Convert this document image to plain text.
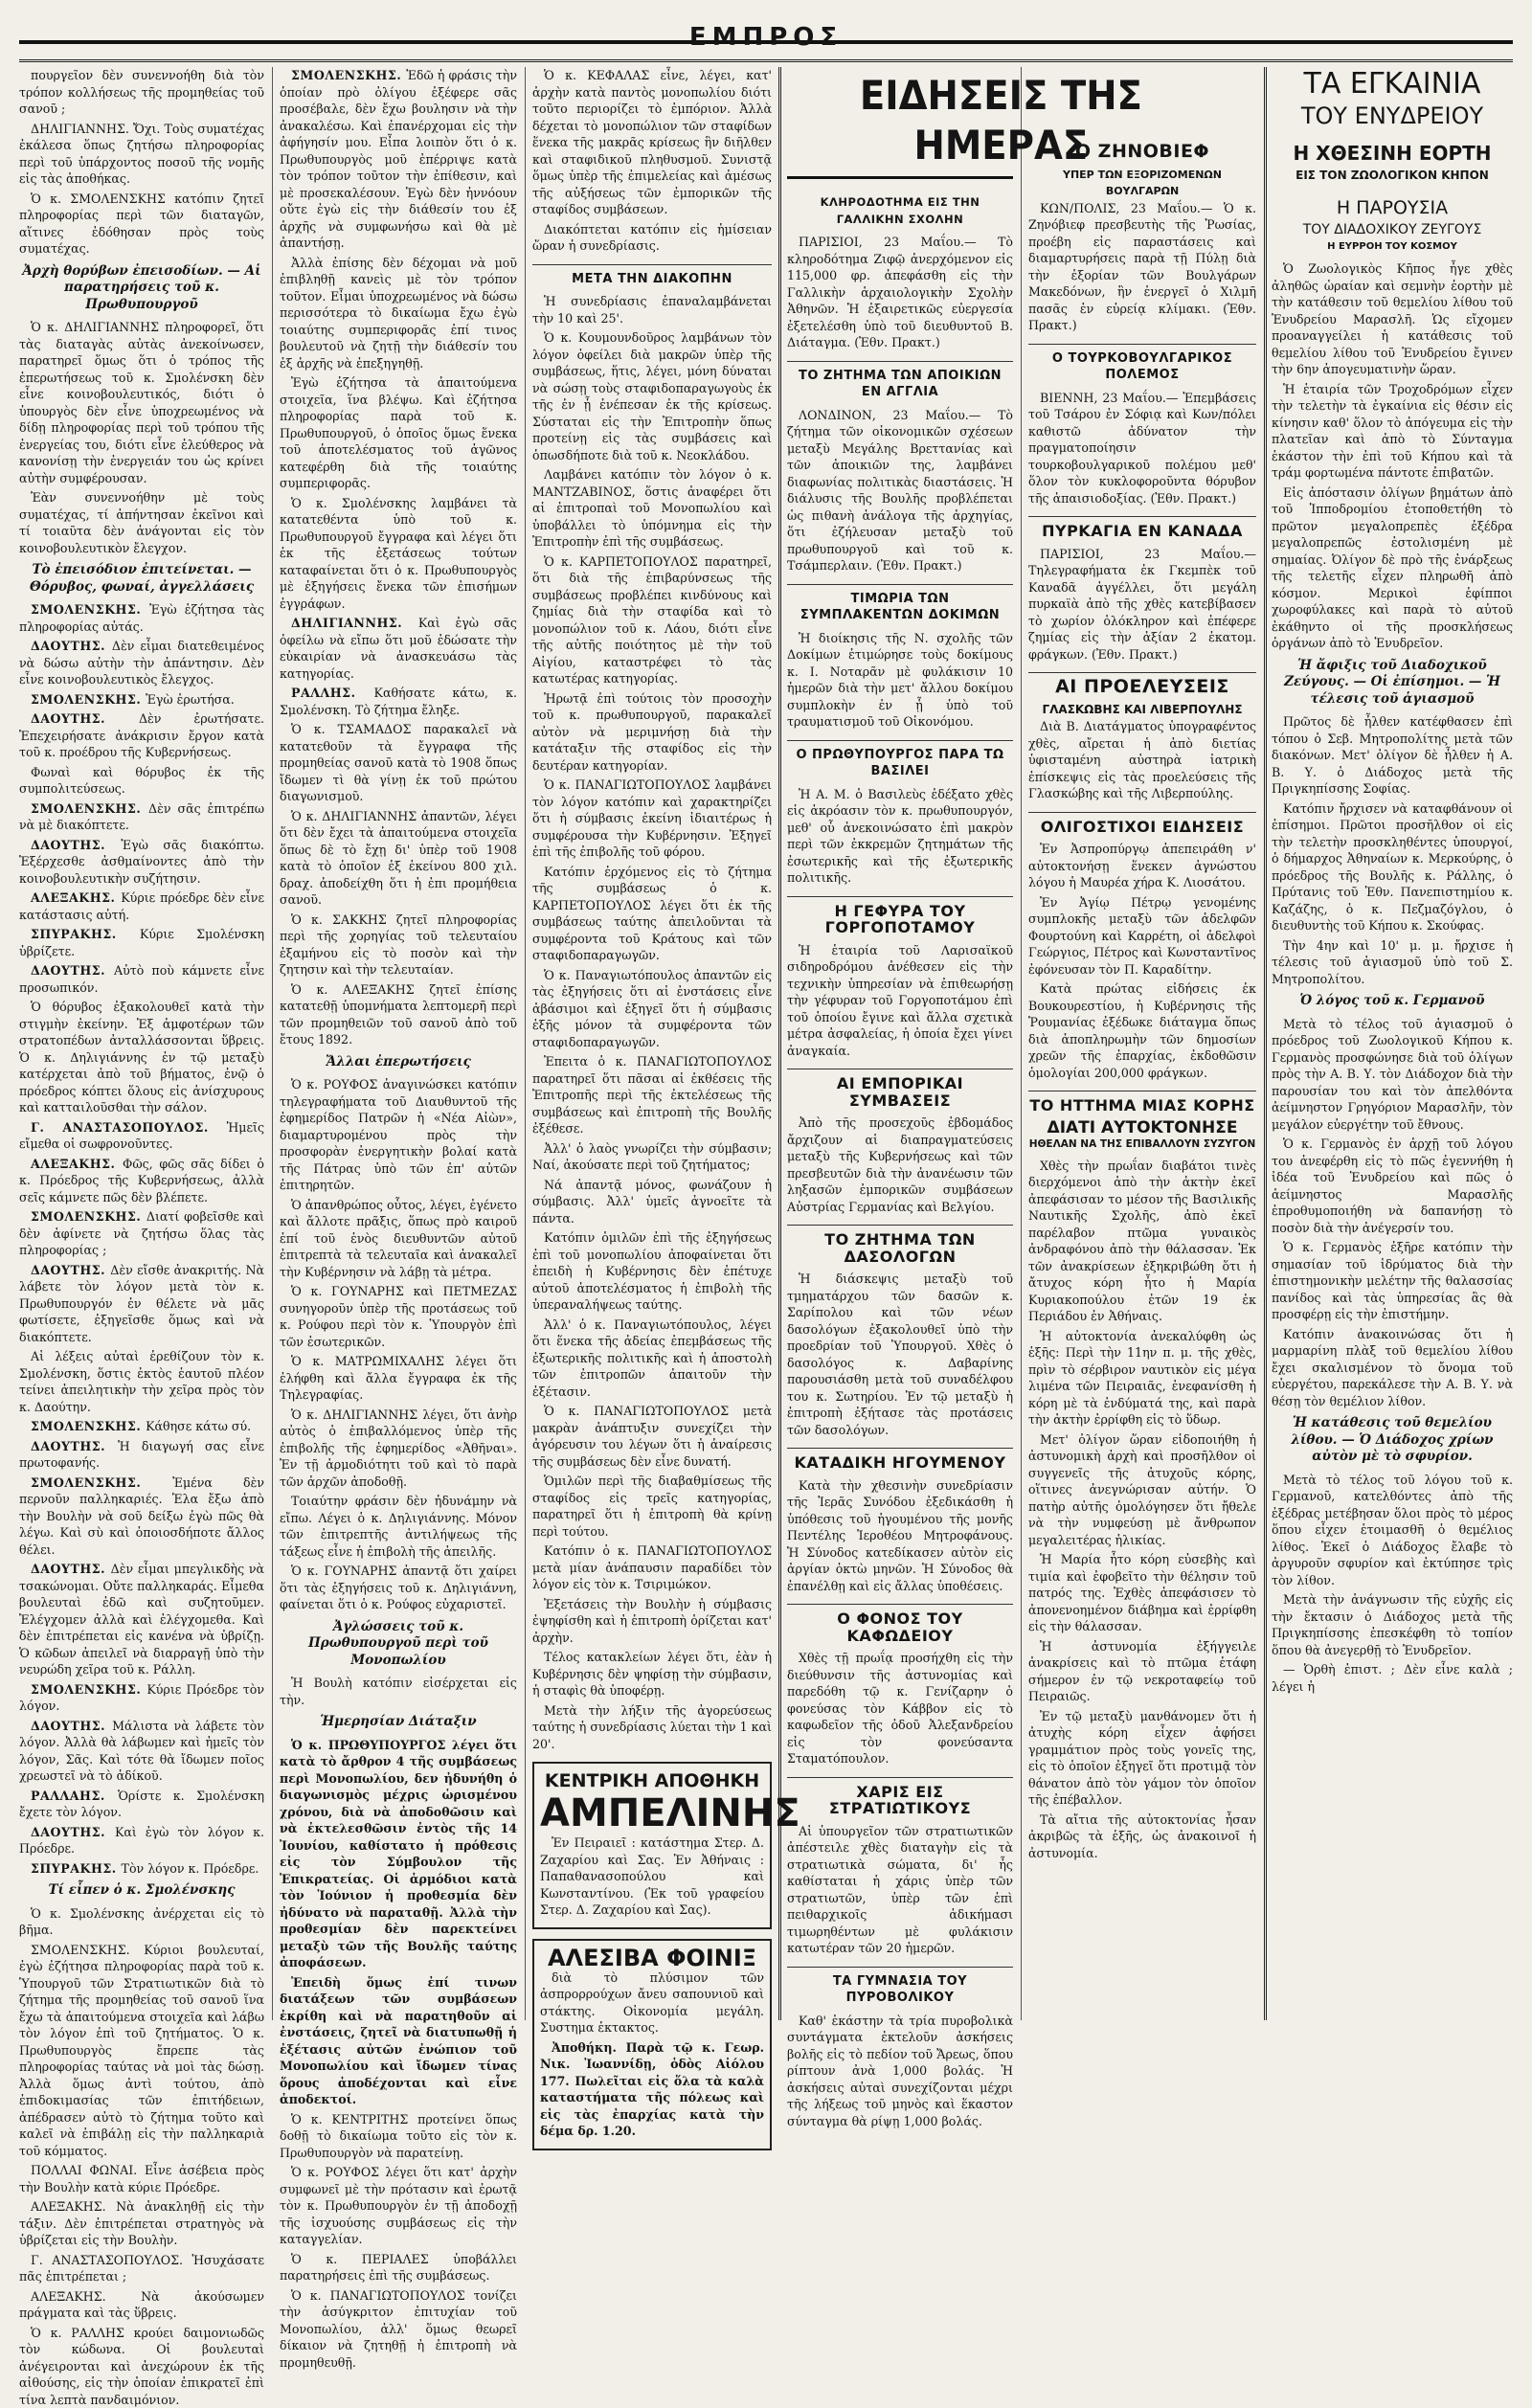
ΕΜΠΡΟΣ

πουργεῖον δὲν συνεννοήθη διὰ τὸν τρόπον κολλήσεως τῆς προμηθείας τοῦ σανοῦ ;

ΔΗΛΙΓΙΑΝΝΗΣ. Ὄχι. Τοὺς συματέχας ἐκάλεσα ὅπως ζητήσω πληροφορίας περὶ τοῦ ὑπάρχοντος ποσοῦ τῆς νομῆς εἰς τὰς ἀποθήκας.

Ὁ κ. ΣΜΟΛΕΝΣΚΗΣ κατόπιν ζητεῖ πληροφορίας περὶ τῶν διαταγῶν, αἵτινες ἐδόθησαν πρὸς τοὺς συματέχας.

Ἀρχὴ θορύβων ἐπεισοδίων. — Αἱ παρατηρήσεις τοῦ κ. Πρωθυπουργοῦ

Ὁ κ. ΔΗΛΙΓΙΑΝΝΗΣ πληροφορεῖ, ὅτι τὰς διαταγὰς αὐτὰς ἀνεκοίνωσεν, παρατηρεῖ ὅμως ὅτι ὁ τρόπος τῆς ἐπερωτήσεως τοῦ κ. Σμολένσκη δὲν εἶνε κοινοβουλευτικός, διότι ὁ ὑπουργὸς δὲν εἶνε ὑποχρεωμένος νὰ δίδῃ πληροφορίας περὶ τοῦ τρόπου τῆς ἐνεργείας του, διότι εἶνε ἐλεύθερος νὰ κανονίσῃ τὴν ἐνεργειάν του ὡς κρίνει αὐτὴν συμφέρουσαν.

Ἐὰν συνεννοήθην μὲ τοὺς συματέχας, τί ἀπήντησαν ἐκεῖνοι καὶ τί τοιαῦτα δὲν ἀνάγονται εἰς τὸν κοινοβουλευτικὸν ἔλεγχον.

Τὸ ἐπεισόδιον ἐπιτείνεται. — Θόρυβος, φωναί, ἀγγελλάσεις

ΣΜΟΛΕΝΣΚΗΣ. Ἐγὼ ἐζήτησα τὰς πληροφορίας αὐτάς.

ΔΑΟΥΤΗΣ. Δὲν εἶμαι διατεθειμένος νὰ δώσω αὐτὴν τὴν ἀπάντησιν. Δὲν εἶνε κοινοβουλευτικὸς ἔλεγχος.

ΣΜΟΛΕΝΣΚΗΣ. Ἐγὼ ἐρωτήσα.

ΔΑΟΥΤΗΣ. Δὲν ἐρωτήσατε. Ἐπεχειρήσατε ἀνάκρισιν ἔργον κατὰ τοῦ κ. προέδρου τῆς Κυβερνήσεως.

Φωναὶ καὶ θόρυβος ἐκ τῆς συμπολιτεύσεως.

ΣΜΟΛΕΝΣΚΗΣ. Δὲν σᾶς ἐπιτρέπω νὰ μὲ διακόπτετε.

ΔΑΟΥΤΗΣ. Ἐγὼ σᾶς διακόπτω. Ἐξέρχεσθε ἀσθμαίνοντες ἀπὸ τὴν κοινοβουλευτικὴν συζήτησιν.

ΑΛΕΞΑΚΗΣ. Κύριε πρόεδρε δὲν εἶνε κατάστασις αὐτή.

ΣΠΥΡΑΚΗΣ. Κύριε Σμολένσκη ὑβρίζετε.

ΔΑΟΥΤΗΣ. Αὐτὸ ποὺ κάμνετε εἶνε προσωπικόν.

Ὁ θόρυβος ἐξακολουθεῖ κατὰ τὴν στιγμὴν ἐκείνην. Ἐξ ἀμφοτέρων τῶν στρατοπέδων ἀνταλλάσσονται ὕβρεις. Ὁ κ. Δηλιγιάννης ἐν τῷ μεταξὺ κατέρχεται ἀπὸ τοῦ βήματος, ἐνῷ ὁ πρόεδρος κόπτει ὅλους εἰς ἀνίσχυρους καὶ κατταιλοῦσθαι τὴν σάλον.

Γ. ΑΝΑΣΤΑΣΟΠΟΥΛΟΣ. Ἡμεῖς εἴμεθα οἱ σωφρονοῦντες.

ΑΛΕΞΑΚΗΣ. Φῶς, φῶς σᾶς δίδει ὁ κ. Πρόεδρος τῆς Κυβερνήσεως, ἀλλὰ σεῖς κάμνετε πῶς δὲν βλέπετε.

ΣΜΟΛΕΝΣΚΗΣ. Διατί φοβεῖσθε καὶ δὲν ἀφίνετε νὰ ζητήσω ὅλας τὰς πληροφορίας ;

ΔΑΟΥΤΗΣ. Δὲν εἴσθε ἀνακριτής. Νὰ λάβετε τὸν λόγον μετὰ τὸν κ. Πρωθυπουργόν ἐν θέλετε νὰ μᾶς φωτίσετε, ἐξηγεῖσθε ὅμως καὶ νὰ διακόπτετε.

Αἱ λέξεις αὐταὶ ἐρεθίζουν τὸν κ. Σμολένσκη, ὅστις ἐκτὸς ἑαυτοῦ πλέον τείνει ἀπειλητικὴν τὴν χεῖρα πρὸς τὸν κ. Δαούτην.

ΣΜΟΛΕΝΣΚΗΣ. Κάθησε κάτω σύ.

ΔΑΟΥΤΗΣ. Ἡ διαγωγή σας εἶνε πρωτοφανής.

ΣΜΟΛΕΝΣΚΗΣ. Ἐμένα δὲν περνοῦν παλληκαριές. Ἐλα ἔξω ἀπὸ τὴν Βουλὴν νὰ σοῦ δείξω ἐγὼ πῶς θὰ λέγω. Καὶ σὺ καὶ ὁποιοσδήποτε ἄλλος θέλει.

ΔΑΟΥΤΗΣ. Δὲν εἶμαι μπεγλικδὴς νὰ τσακώνομαι. Οὔτε παλληκαράς. Εἶμεθα βουλευταὶ ἐδῶ καὶ συζητοῦμεν. Ἐλέγχομεν ἀλλὰ καὶ ἐλέγχομεθα. Καὶ δὲν ἐπιτρέπεται εἰς κανένα νὰ ὑβρίζῃ. Ὁ κῶδων ἀπειλεῖ νὰ διαρραγῇ ὑπὸ τὴν νευρώδη χεῖρα τοῦ κ. Ράλλη.

ΣΜΟΛΕΝΣΚΗΣ. Κύριε Πρόεδρε τὸν λόγον.

ΔΑΟΥΤΗΣ. Μάλιστα νὰ λάβετε τὸν λόγον. Ἀλλὰ θὰ λάβωμεν καὶ ἡμεῖς τὸν λόγον, Σᾶς. Καὶ τότε θὰ ἴδωμεν ποῖος χρεωστεῖ νὰ τὸ ἀδίκοῦ.

ΡΑΛΛΑΗΣ. Ὁρίστε κ. Σμολένσκη ἔχετε τὸν λόγον.

ΔΑΟΥΤΗΣ. Καὶ ἐγὼ τὸν λόγον κ. Πρόεδρε.

ΣΠΥΡΑΚΗΣ. Τὸν λόγον κ. Πρόεδρε.

Τί εἶπεν ὁ κ. Σμολένσκης

Ὁ κ. Σμολένσκης ἀνέρχεται εἰς τὸ βῆμα.

ΣΜΟΛΕΝΣΚΗΣ. Κύριοι βουλευταί, ἐγὼ ἐζήτησα πληροφορίας παρὰ τοῦ κ. Ὑπουργοῦ τῶν Στρατιωτικῶν διὰ τὸ ζήτημα τῆς προμηθείας τοῦ σανοῦ ἵνα ἔχω τὰ ἀπαιτούμενα στοιχεῖα καὶ λάβω τὸν λόγον ἐπὶ τοῦ ζητήματος. Ὁ κ. Πρωθυπουργὸς ἔπρεπε τὰς πληροφορίας ταύτας νὰ μοὶ τὰς δώσῃ. Ἀλλὰ ὅμως ἀντὶ τούτου, ἀπὸ ἐπιδοκιμασίας τῶν ἐπιτήδειων, ἀπέδρασεν αὐτὸ τὸ ζήτημα τοῦτο καὶ καλεῖ νὰ ἐπιβάλῃ εἰς τὴν παλληκαριὰ τοῦ κόμματος.

ΠΟΛΛΑΙ ΦΩΝΑΙ. Εἶνε ἀσέβεια πρὸς τὴν Βουλὴν κατὰ κύριε Πρόεδρε.

ΑΛΕΞΑΚΗΣ. Νὰ ἀνακληθῇ εἰς τὴν τάξιν. Δὲν ἐπιτρέπεται στρατηγὸς νὰ ὑβρίζεται εἰς τὴν Βουλὴν.

Γ. ΑΝΑΣΤΑΣΟΠΟΥΛΟΣ. Ἡσυχάσατε πᾶς ἐπιτρέπεται ;

ΑΛΕΞΑΚΗΣ. Νὰ ἀκούσωμεν πράγματα καὶ τὰς ὕβρεις.

Ὁ κ. ΡΑΛΛΗΣ κρούει δαιμονιωδῶς τὸν κώδωνα. Οἱ βουλευταὶ ἀνέγειρονται καὶ ἀνεχώρουν ἐκ τῆς αἰθούσης, εἰς τὴν ὁποίαν ἐπικρατεῖ ἐπὶ τίνα λεπτὰ πανδαιμόνιον.

ΣΜΟΛΕΝΣΚΗΣ. Ἐδῶ ἡ φράσις τὴν ὁποίαν πρὸ ὀλίγου ἐξέφερε σᾶς προσέβαλε, δὲν ἔχω βουλησιν νὰ τὴν ἀνακαλέσω. Καὶ ἐπανέρχομαι εἰς τὴν ἀφήγησίν μου. Εἶπα λοιπὸν ὅτι ὁ κ. Πρωθυπουργὸς μοῦ ἐπέρριψε κατὰ τὸν τρόπον τοῦτον τὴν ἐπίθεσιν, καὶ μὲ προσεκαλέσουν. Ἐγὼ δὲν ἠννόουν οὔτε ἐγὼ εἰς τὴν διάθεσίν του ἐξ ἀρχῆς νὰ συμφωνήσω καὶ θὰ μὲ ἀπαντήσῃ.

Ἀλλὰ ἐπίσης δὲν δέχομαι νὰ μοῦ ἐπιβληθῇ κανεὶς μὲ τὸν τρόπον τοῦτον. Εἶμαι ὑποχρεωμένος νὰ δώσω περισσότερα τὸ δικαίωμα ἔχω ἐγὼ τοιαύτης συμπεριφορᾶς ἐπί τινος βουλευτοῦ νὰ ζητῇ τὴν διάθεσίν του ἐξ ἀρχῆς νὰ ἐπεξηγηθῇ.

Ἐγὼ ἐζήτησα τὰ ἀπαιτούμενα στοιχεῖα, ἵνα βλέψω. Καὶ ἐζήτησα πληροφορίας παρὰ τοῦ κ. Πρωθυπουργοῦ, ὁ ὁποῖος ὅμως ἕνεκα τοῦ ἀποτελέσματος τοῦ ἀγῶνος κατεφέρθη διὰ τῆς τοιαύτης συμπεριφορᾶς.

Ὁ κ. Σμολένσκης λαμβάνει τὰ κατατεθέντα ὑπὸ τοῦ κ. Πρωθυπουργοῦ ἔγγραφα καὶ λέγει ὅτι ἐκ τῆς ἐξετάσεως τούτων καταφαίνεται ὅτι ὁ κ. Πρωθυπουργὸς μὲ ἐξηγήσεις ἔνεκα τῶν ἐπισήμων ἐγγράφων.

ΔΗΛΙΓΙΑΝΝΗΣ. Καὶ ἐγὼ σᾶς ὀφείλω νὰ εἴπω ὅτι μοῦ ἐδώσατε τὴν εὐκαιρίαν νὰ ἀνασκευάσω τὰς κατηγορίας.

ΡΑΛΛΗΣ. Καθήσατε κάτω, κ. Σμολένσκη. Τὸ ζήτημα ἔληξε.

Ὁ κ. ΤΣΑΜΑΔΟΣ παρακαλεῖ νὰ κατατεθοῦν τὰ ἔγγραφα τῆς προμηθείας σανοῦ κατὰ τὸ 1908 ὅπως ἴδωμεν τὶ θὰ γίνῃ ἐκ τοῦ πρώτου διαγωνισμοῦ.

Ὁ κ. ΔΗΛΙΓΙΑΝΝΗΣ ἀπαντῶν, λέγει ὅτι δὲν ἔχει τὰ ἀπαιτούμενα στοιχεῖα ὅπως δὲ τὸ ἔχῃ δι' ὑπὲρ τοῦ 1908 κατὰ τὸ ὁποῖον ἐξ ἐκείνου 800 χιλ. δραχ. ἀποδείχθη ὅτι ἡ ἐπι προμήθεια σανοῦ.

Ὁ κ. ΣΑΚΚΗΣ ζητεῖ πληροφορίας περὶ τῆς χορηγίας τοῦ τελευταίου ἐξαμήνου εἰς τὸ ποσὸν καὶ τὴν ζητησιν καὶ τὴν τελευταίαν.

Ὁ κ. ΑΛΕΞΑΚΗΣ ζητεῖ ἐπίσης κατατεθῇ ὑπομνήματα λεπτομερῆ περὶ τῶν προμηθειῶν τοῦ σανοῦ ἀπὸ τοῦ ἔτους 1892.

Ἄλλαι ἐπερωτήσεις

Ὁ κ. ΡΟΥΦΟΣ ἀναγινώσκει κατόπιν τηλεγραφήματα τοῦ Διαυθυντοῦ τῆς ἐφημερίδος Πατρῶν ἡ «Νέα Αἰὼν», διαμαρτυρομένου πρὸς τὴν προσφορὰν ἐνεργητικὴν βολαί κατὰ τῆς Πάτρας ὑπὸ τῶν ἐπ' αὐτῶν ἐπιτηρητῶν.

Ὁ ἀπανθρώπος οὗτος, λέγει, ἐγένετο καὶ ἄλλοτε πρᾶξις, ὅπως πρὸ καιροῦ ἐπί τοῦ ἑνὸς διευθυντῶν αὐτοῦ ἐπιτρεπτὰ τὰ τελευταῖα καὶ ἀνακαλεῖ τὴν Κυβέρνησιν νὰ λάβῃ τὰ μέτρα.

Ὁ κ. ΓΟΥΝΑΡΗΣ καὶ ΠΕΤΜΕΖΑΣ συνηγοροῦν ὑπὲρ τῆς προτάσεως τοῦ κ. Ρούφου περὶ τὸν κ. Ὑπουργὸν ἐπὶ τῶν ἐσωτερικῶν.

Ὁ κ. ΜΑΤΡΩΜΙΧΑΛΗΣ λέγει ὅτι ἐλήφθη καὶ ἄλλα ἔγγραφα ἐκ τῆς Τηλεγραφίας.

Ὁ κ. ΔΗΛΙΓΙΑΝΝΗΣ λέγει, ὅτι ἀνὴρ αὐτὸς ὁ ἐπιβαλλόμενος ὑπὲρ τῆς ἐπιβολῆς τῆς ἐφημερίδος «Ἀθῆναι». Ἐν τῇ ἀρμοδιότητι τοῦ καὶ τὸ παρὰ τῶν ἀρχῶν ἀποδοθῇ.

Τοιαύτην φράσιν δὲν ἠδυνάμην νὰ εἴπω. Λέγει ὁ κ. Δηλιγιάννης. Μόνον τῶν ἐπιτρεπτῆς ἀντιλήψεως τῆς τάξεως εἶνε ἡ ἐπιβολὴ τῆς ἀπειλῆς.

Ὁ κ. ΓΟΥΝΑΡΗΣ ἀπαντᾷ ὅτι χαίρει ὅτι τὰς ἐξηγήσεις τοῦ κ. Δηλιγιάννη, φαίνεται ὅτι ὁ κ. Ρούφος εὐχαριστεῖ.

Ἀγλώσσεις τοῦ κ. Πρωθυπουργοῦ περὶ τοῦ Μονοπωλίου

Ἡ Βουλὴ κατόπιν εἰσέρχεται εἰς τὴν.

Ἡμερησίαν Διάταξιν

Ὁ κ. ΠΡΩΘΥΠΟΥΡΓΟΣ λέγει ὅτι κατὰ τὸ ἄρθρον 4 τῆς συμβάσεως περὶ Μονοπωλίου, δεν ἠδυνήθη ὁ διαγωνισμὸς μέχρις ὡρισμένου χρόνου, διὰ νὰ ἀποδοθῶσιν καὶ νὰ ἐκτελεσθῶσιν ἐντὸς τῆς 14 Ἰουνίου, καθίστατο ἡ πρόθεσις εἰς τὸν Σύμβουλον τῆς Ἐπικρατείας. Οἱ ἁρμόδιοι κατὰ τὸν Ἰούνιον ἡ προθεσμία δὲν ἠδύνατο νὰ παραταθῇ. Ἀλλὰ τὴν προθεσμίαν δὲν παρεκτείνει μεταξὺ τῶν τῆς Βουλῆς ταύτης ἀποφάσεων.

Ἐπειδὴ ὅμως ἐπί τινων διατάξεων τῶν συμβάσεων ἐκρίθη καὶ νὰ παρατηθοῦν αἱ ἐνστάσεις, ζητεῖ νὰ διατυπωθῇ ἡ ἐξέτασις αὐτῶν ἐνώπιον τοῦ Μονοπωλίου καὶ ἴδωμεν τίνας ὅρους ἀποδέχονται καὶ εἶνε ἀποδεκτοί.

Ὁ κ. ΚΕΝΤΡΙΤΗΣ προτείνει ὅπως δοθῇ τὸ δικαίωμα τοῦτο εἰς τὸν κ. Πρωθυπουργὸν νὰ παρατείνῃ.

Ὁ κ. ΡΟΥΦΟΣ λέγει ὅτι κατ' ἀρχὴν συμφωνεῖ μὲ τὴν πρότασιν καὶ ἐρωτᾷ τὸν κ. Πρωθυπουργὸν ἐν τῇ ἀποδοχῇ τῆς ἰσχυούσης συμβάσεως εἰς τὴν καταγγελίαν.

Ὁ κ. ΠΕΡΙΑΛΕΣ ὑποβάλλει παρατηρήσεις ἐπὶ τῆς συμβάσεως.

Ὁ κ. ΠΑΝΑΓΙΩΤΟΠΟΥΛΟΣ τονίζει τὴν ἀσύγκριτον ἐπιτυχίαν τοῦ Μονοπωλίου, ἀλλ' ὅμως θεωρεῖ δίκαιον νὰ ζητηθῇ ἡ ἐπιτροπὴ νὰ προμηθευθῇ.

Ὁ κ. ΚΕΦΑΛΑΣ εἶνε, λέγει, κατ' ἀρχὴν κατὰ παντὸς μονοπωλίου διότι τοῦτο περιορίζει τὸ ἐμπόριον. Ἀλλὰ δέχεται τὸ μονοπώλιον τῶν σταφίδων ἕνεκα τῆς μακρᾶς κρίσεως ἣν διῆλθεν καὶ σταφιδικοῦ πληθυσμοῦ. Συνιστᾷ ὅμως ὑπὲρ τῆς ἐπιμελείας καὶ ἀμέσως τῆς αὐξήσεως τῶν ἐμπορικῶν τῆς σταφίδος συμβάσεων.

Διακόπτεται κατόπιν εἰς ἡμίσειαν ὥραν ἡ συνεδρίασις.

ΜΕΤΑ ΤΗΝ ΔΙΑΚΟΠΗΝ

Ἡ συνεδρίασις ἐπαναλαμβάνεται τὴν 10 καὶ 25'.

Ὁ κ. Κουμουνδοῦρος λαμβάνων τὸν λόγον ὀφείλει διὰ μακρῶν ὑπὲρ τῆς συμβάσεως, ἥτις, λέγει, μόνη δύναται νὰ σώσῃ τοὺς σταφιδοπαραγωγοὺς ἐκ τῆς ἐν ᾗ ἐνέπεσαν ἐκ τῆς κρίσεως. Σύσταται εἰς τὴν Ἐπιτροπὴν ὅπως προτείνῃ εἰς τὰς συμβάσεις καὶ ὁπωσδήποτε διὰ τοῦ κ. Νεοκλάδου.

Λαμβάνει κατόπιν τὸν λόγον ὁ κ. ΜΑΝΤΖΑΒΙΝΟΣ, ὅστις ἀναφέρει ὅτι αἱ ἐπιτροπαὶ τοῦ Μονοπωλίου καὶ ὑποβάλλει τὸ ὑπόμνημα εἰς τὴν Ἐπιτροπὴν ἐπὶ τῆς συμβάσεως.

Ὁ κ. ΚΑΡΠΕΤΟΠΟΥΛΟΣ παρατηρεῖ, ὅτι διὰ τῆς ἐπιβαρύνσεως τῆς συμβάσεως προβλέπει κινδύνους καὶ ζημίας διὰ τὴν σταφίδα καὶ τὸ μονοπώλιον τοῦ κ. Λάου, διότι εἶνε τῆς αὐτῆς ποιότητος μὲ τὴν τοῦ Αἰγίου, καταστρέφει τὸ τὰς κατωτέρας κατηγορίας.

Ἠρωτᾷ ἐπὶ τούτοις τὸν προσοχὴν τοῦ κ. πρωθυπουργοῦ, παρακαλεῖ αὐτὸν νὰ μεριμνήσῃ διὰ τὴν κατάταξιν τῆς σταφίδος εἰς τὴν δευτέραν κατηγορίαν.

Ὁ κ. ΠΑΝΑΓΙΩΤΟΠΟΥΛΟΣ λαμβάνει τὸν λόγον κατόπιν καὶ χαρακτηρίζει ὅτι ἡ σύμβασις ἐκείνη ἰδιαιτέρως ἡ συμφέρουσα τὴν Κυβέρνησιν. Ἐξηγεῖ ἐπὶ τῆς ἐπιβολῆς τοῦ φόρου.

Κατόπιν ἐρχόμενος εἰς τὸ ζήτημα τῆς συμβάσεως ὁ κ. ΚΑΡΠΕΤΟΠΟΥΛΟΣ λέγει ὅτι ἐκ τῆς συμβάσεως ταύτης ἀπειλοῦνται τὰ συμφέροντα τοῦ Κράτους καὶ τῶν σταφιδοπαραγωγῶν.

Ὁ κ. Παναγιωτόπουλος ἀπαντῶν εἰς τὰς ἐξηγήσεις ὅτι αἱ ἐνστάσεις εἶνε ἀβάσιμοι καὶ ἐξηγεῖ ὅτι ἡ σύμβασις ἑξῆς μόνον τὰ συμφέροντα τῶν σταφιδοπαραγωγῶν.

Ἐπειτα ὁ κ. ΠΑΝΑΓΙΩΤΟΠΟΥΛΟΣ παρατηρεῖ ὅτι πᾶσαι αἱ ἐκθέσεις τῆς Ἐπιτροπῆς περὶ τῆς ἐκτελέσεως τῆς συμβάσεως καὶ ἐπιτροπὴ τῆς Βουλῆς ἐξέθεσε.

Ἀλλ' ὁ λαὸς γνωρίζει τὴν σύμβασιν; Ναί, ἀκούσατε περὶ τοῦ ζητήματος;

Νά ἀπαντᾷ μόνος, φωνάζουν ἡ σύμβασις. Ἀλλ' ὑμεῖς ἀγνοεῖτε τὰ πάντα.

Κατόπιν ὁμιλῶν ἐπὶ τῆς ἐξηγήσεως ἐπὶ τοῦ μονοπωλίου ἀποφαίνεται ὅτι ἐπειδὴ ἡ Κυβέρνησις δὲν ἐπέτυχε αὐτοῦ ἀποτελέσματος ἡ ἐπιβολὴ τῆς ὑπεραναλήψεως ταύτης.

Ἀλλ' ὁ κ. Παναγιωτόπουλος, λέγει ὅτι ἕνεκα τῆς ἀδείας ἐπεμβάσεως τῆς ἐξωτερικῆς πολιτικῆς καὶ ἡ ἀποστολὴ τῶν ἐπιτροπῶν ἀπαιτοῦν τὴν ἐξέτασιν.

Ὁ κ. ΠΑΝΑΓΙΩΤΟΠΟΥΛΟΣ μετὰ μακρὰν ἀνάπτυξιν συνεχίζει τὴν ἀγόρευσιν του λέγων ὅτι ἡ ἀναίρεσις τῆς συμβάσεως δὲν εἶνε δυνατή.

Ὁμιλῶν περὶ τῆς διαβαθμίσεως τῆς σταφίδος εἰς τρεῖς κατηγορίας, παρατηρεῖ ὅτι ἡ ἐπιτροπὴ θὰ κρίνῃ περὶ τούτου.

Κατόπιν ὁ κ. ΠΑΝΑΓΙΩΤΟΠΟΥΛΟΣ μετὰ μίαν ἀνάπαυσιν παραδίδει τὸν λόγον εἰς τὸν κ. Τσιριμώκον.

Ἐξετάσεις τὴν Βουλὴν ἡ σύμβασις ἐψηφίσθη καὶ ἡ ἐπιτροπὴ ὁρίζεται κατ' ἀρχὴν.

Τέλος κατακλείων λέγει ὅτι, ἐὰν ἡ Κυβέρνησις δὲν ψηφίσῃ τὴν σύμβασιν, ἡ σταφὶς θὰ ὑποφέρῃ.

Μετὰ τὴν λήξιν τῆς ἀγορεύσεως ταύτης ἡ συνεδρίασις λύεται τὴν 1 καὶ 20'.

ΚΕΝΤΡΙΚΗ ΑΠΟΘΗΚΗ
ΑΜΠΕΛΙΝΗΣ

Ἐν Πειραιεῖ : κατάστημα Στερ. Δ. Ζαχαρίου καὶ Σας. Ἐν Ἀθήναις : Παπαθανασοπούλου καὶ Κωνσταντίνου. (Ἐκ τοῦ γραφείου Στερ. Δ. Ζαχαρίου καὶ Σας).

ΑΛΕΣΙΒΑ ΦΟΙΝΙΞ

διὰ τὸ πλύσιμον τῶν ἀσπρορρούχων ἄνευ σαπουνιοῦ καὶ στάκτης. Οἰκονομία μεγάλη. Συστημα ἐκτακτος.

Ἀποθήκη. Παρὰ τῷ κ. Γεωρ. Νικ. Ἰωαννίδῃ, ὁδὸς Αἰόλου 177. Πωλεῖται εἰς ὅλα τὰ καλὰ καταστήματα τῆς πόλεως καὶ εἰς τὰς ἐπαρχίας κατὰ τὴν δέμα δρ. 1.20.

ΕΙΔΗΣΕΙΣ ΤΗΣ ΗΜΕΡΑΣ
ΚΛΗΡΟΔΟΤΗΜΑ ΕΙΣ ΤΗΝ ΓΑΛΛΙΚΗΝ ΣΧΟΛΗΝ

ΠΑΡΙΣΙΟΙ, 23 Μαΐου.— Τὸ κληροδότημα Ζιφῷ ἀνερχόμενον εἰς 115,000 φρ. ἀπεφάσθη εἰς τὴν Γαλλικὴν ἀρχαιολογικὴν Σχολὴν Ἀθηνῶν. Ἡ ἐξαιρετικῶς εὐεργεσία ἐξετελέσθη ὑπὸ τοῦ διευθυντοῦ Β. Διάταγμα. (Ἐθν. Πρακτ.)

ΤΟ ΖΗΤΗΜΑ ΤΩΝ ΑΠΟΙΚΙΩΝ ΕΝ ΑΓΓΛΙΑ

ΛΟΝΔΙΝΟΝ, 23 Μαΐου.— Τὸ ζήτημα τῶν οἰκονομικῶν σχέσεων μεταξὺ Μεγάλης Βρεττανίας καὶ τῶν ἀποικιῶν της, λαμβάνει διαφωνίας πολιτικὰς διαστάσεις. Ἡ διάλυσις τῆς Βουλῆς προβλέπεται ὡς πιθανὴ ἀνάλογα τῆς ἀρχηγίας, ὅτι ἐζήλευσαν μεταξὺ τοῦ πρωθυπουργοῦ καὶ τοῦ κ. Τσάμπερλαιν. (Ἐθν. Πρακτ.)

ΤΙΜΩΡΙΑ ΤΩΝ ΣΥΜΠΛΑΚΕΝΤΩΝ ΔΟΚΙΜΩΝ

Ἡ διοίκησις τῆς Ν. σχολῆς τῶν Δοκίμων ἐτιμώρησε τοὺς δοκίμους κ. Ι. Νοταρᾶν μὲ φυλάκισιν 10 ἡμερῶν διὰ τὴν μετ' ἄλλου δοκίμου συμπλοκὴν ἐν ᾗ ὑπὸ τοῦ τραυματισμοῦ τοῦ Οἰκονόμου.

Ο ΠΡΩΘΥΠΟΥΡΓΟΣ ΠΑΡΑ ΤΩ ΒΑΣΙΛΕΙ

Ἡ Α. Μ. ὁ Βασιλεὺς ἐδέξατο χθὲς εἰς ἀκρόασιν τὸν κ. πρωθυπουργόν, μεθ' οὗ ἀνεκοινώσατο ἐπὶ μακρὸν περὶ τῶν ἐκκρεμῶν ζητημάτων τῆς ἐσωτερικῆς καὶ τῆς ἐξωτερικῆς πολιτικῆς.

Η ΓΕΦΥΡΑ ΤΟΥ ΓΟΡΓΟΠΟΤΑΜΟΥ

Ἡ ἑταιρία τοῦ Λαρισαϊκοῦ σιδηροδρόμου ἀνέθεσεν εἰς τὴν τεχνικὴν ὑπηρεσίαν νὰ ἐπιθεωρήσῃ τὴν γέφυραν τοῦ Γοργοποτάμου ἐπὶ τοῦ ὁποίου ἔγινε καὶ ἄλλα σχετικὰ μέτρα ἀσφαλείας, ἡ ὁποία ἔχει γίνει ἀναγκαία.

ΑΙ ΕΜΠΟΡΙΚΑΙ ΣΥΜΒΑΣΕΙΣ

Ἀπὸ τῆς προσεχοῦς ἑβδομάδος ἄρχιζουν αἱ διαπραγματεύσεις μεταξὺ τῆς Κυβερνήσεως καὶ τῶν πρεσβευτῶν διὰ τὴν ἀνανέωσιν τῶν ληξασῶν ἐμπορικῶν συμβάσεων Αὐστρίας Γερμανίας καὶ Βελγίου.

ΤΟ ΖΗΤΗΜΑ ΤΩΝ ΔΑΣΟΛΟΓΩΝ

Ἡ διάσκεψις μεταξὺ τοῦ τμηματάρχου τῶν δασῶν κ. Σαρίπολου καὶ τῶν νέων δασολόγων ἐξακολουθεῖ ὑπὸ τὴν προεδρίαν τοῦ Ὑπουργοῦ. Χθὲς ὁ δασολόγος κ. Δαβαρίνης παρουσιάσθη μετὰ τοῦ συναδέλφου του κ. Σωτηρίου. Ἐν τῷ μεταξὺ ἡ ἐπιτροπὴ ἐξήτασε τὰς προτάσεις τῶν δασολόγων.

ΚΑΤΑΔΙΚΗ ΗΓΟΥΜΕΝΟΥ

Κατὰ τὴν χθεσινὴν συνεδρίασιν τῆς Ἱερᾶς Συνόδου ἐξεδικάσθη ἡ ὑπόθεσις τοῦ ἡγουμένου τῆς μονῆς Πεντέλης Ἱεροθέου Μητροφάνους. Ἡ Σύνοδος κατεδίκασεν αὐτὸν εἰς ἀργίαν ὀκτὼ μηνῶν. Ἡ Σύνοδος θὰ ἐπανέλθῃ καὶ εἰς ἄλλας ὑποθέσεις.

Ο ΦΟΝΟΣ ΤΟΥ ΚΑΦΩΔΕΙΟΥ

Χθὲς τῇ πρωΐᾳ προσήχθη εἰς τὴν διεύθυνσιν τῆς ἀστυνομίας καὶ παρεδόθη τῷ κ. Γενίζαρην ὁ φονεύσας τὸν Κάββον εἰς τὸ καφωδεῖον τῆς ὁδοῦ Ἀλεξανδρείου εἰς τὸν φονεύσαντα Σταματόπουλον.

ΧΑΡΙΣ ΕΙΣ ΣΤΡΑΤΙΩΤΙΚΟΥΣ

Αἱ ὑπουργεῖον τῶν στρατιωτικῶν ἀπέστειλε χθὲς διαταγὴν εἰς τὰ στρατιωτικὰ σώματα, δι' ἧς καθίσταται ἡ χάρις ὑπὲρ τῶν στρατιωτῶν, ὑπὲρ τῶν ἐπὶ πειθαρχικοῖς ἀδικήμασι τιμωρηθέντων μὲ φυλάκισιν κατωτέραν τῶν 20 ἡμερῶν.

ΤΑ ΓΥΜΝΑΣΙΑ ΤΟΥ ΠΥΡΟΒΟΛΙΚΟΥ

Καθ' ἑκάστην τὰ τρία πυροβολικὰ συντάγματα ἐκτελοῦν ἀσκήσεις βολῆς εἰς τὸ πεδίον τοῦ Ἄρεως, ὅπου ρίπτουν ἀνὰ 1,000 βολάς. Ἡ ἀσκήσεις αὐταὶ συνεχίζονται μέχρι τῆς λήξεως τοῦ μηνὸς καὶ ἕκαστον σύνταγμα θὰ ρίψῃ 1,000 βολάς.

Ο ΖΗΝΟΒΙΕΦ
ΥΠΕΡ ΤΩΝ ΕΞΟΡΙΖΟΜΕΝΩΝ ΒΟΥΛΓΑΡΩΝ

ΚΩΝ/ΠΟΛΙΣ, 23 Μαΐου.— Ὁ κ. Ζηνόβιεφ πρεσβευτὴς τῆς Ῥωσίας, προέβη εἰς παραστάσεις καὶ διαμαρτυρήσεις παρὰ τῇ Πύλῃ διὰ τὴν ἐξορίαν τῶν Βουλγάρων Μακεδόνων, ἣν ἐνεργεῖ ὁ Χιλμῆ πασᾶς ἐν εὑρείᾳ κλίμακι. (Ἐθν. Πρακτ.)

Ο ΤΟΥΡΚΟΒΟΥΛΓΑΡΙΚΟΣ ΠΟΛΕΜΟΣ

ΒΙΕΝΝΗ, 23 Μαΐου.— Ἐπεμβάσεις τοῦ Τσάρου ἐν Σόφιᾳ καὶ Κων/πόλει καθιστῶ ἀδύνατον τὴν πραγματοποίησιν τουρκοβουλγαρικοῦ πολέμου μεθ' ὅλον τὸν κυκλοφοροῦντα θόρυβον τῆς ἀπαισιοδοξίας. (Ἐθν. Πρακτ.)

ΠΥΡΚΑΓΙΑ ΕΝ ΚΑΝΑΔΑ

ΠΑΡΙΣΙΟΙ, 23 Μαΐου.— Τηλεγραφήματα ἐκ Γκεμπὲκ τοῦ Καναδᾶ ἀγγέλλει, ὅτι μεγάλη πυρκαϊὰ ἀπὸ τῆς χθὲς κατεβίβασεν τὸ χωρίον ὁλόκληρον καὶ ἐπέφερε ζημίας εἰς τὴν ἀξίαν 2 ἑκατομ. φράγκων. (Ἐθν. Πρακτ.)

ΑΙ ΠΡΟΕΛΕΥΣΕΙΣ
ΓΛΑΣΚΩΒΗΣ ΚΑΙ ΛΙΒΕΡΠΟΥΛΗΣ

Διὰ Β. Διατάγματος ὑπογραφέντος χθὲς, αἴρεται ἡ ἀπὸ διετίας ὑφισταμένη αὐστηρὰ ἰατρικὴ ἐπίσκεψις εἰς τὰς προελεύσεις τῆς Γλασκώβης καὶ τῆς Λιβερπούλης.

ΟΛΙΓΟΣΤΙΧΟΙ ΕΙΔΗΣΕΙΣ

Ἐν Ἀσπροπύργῳ ἀπεπειράθη ν' αὐτοκτονήσῃ ἕνεκεν ἀγνώστου λόγου ἡ Μαυρέα χήρα Κ. Λιοσάτου.

Ἐν Ἀγίῳ Πέτρῳ γενομένης συμπλοκῆς μεταξὺ τῶν ἀδελφῶν Φουρτούνη καὶ Καρρέτη, οἱ ἀδελφοὶ Γεώργιος, Πέτρος καὶ Κωνσταντῖνος ἐφόνευσαν τὸν Π. Καραδίτην.

Κατὰ πρώτας εἰδήσεις ἐκ Βουκουρεστίου, ἡ Κυβέρνησις τῆς Ῥουμανίας ἐξέδωκε διάταγμα ὅπως διὰ ἀποπληρωμὴν τῶν δημοσίων χρεῶν τῆς ἐπαρχίας, ἐκδοθῶσιν ὁμολογίαι 200,000 φράγκων.

ΤΟ ΗΤΤΗΜΑ ΜΙΑΣ ΚΟΡΗΣ
ΔΙΑΤΙ ΑΥΤΟΚΤΟΝΗΣΕ
ΗΘΕΛΑΝ ΝΑ ΤΗΣ ΕΠΙΒΑΛΛΟΥΝ ΣΥΖΥΓΟΝ

Χθὲς τὴν πρωΐαν διαβάτοι τινὲς διερχόμενοι ἀπὸ τὴν ἀκτὴν ἐκεῖ ἀπεφάσισαν το μέσον τῆς Βασιλικῆς Ναυτικῆς Σχολῆς, ἀπὸ ἐκεῖ παρέλαβον πτῶμα γυναικὸς ἀνδραφόνου ἀπὸ τὴν θάλασσαν. Ἐκ τῶν ἀνακρίσεων ἐξηκριβώθη ὅτι ἡ ἄτυχος κόρη ἦτο ἡ Μαρία Κυριακοπούλου ἐτῶν 19 ἐκ Περιάδου ἐν Ἀθήναις.

Ἡ αὐτοκτονία ἀνεκαλύφθη ὡς ἑξῆς: Περὶ τὴν 11ην π. μ. τῆς χθὲς, πρὶν τὸ σέρβιρον ναυτικὸν εἰς μέγα λιμένα τῶν Πειραιᾶς, ἐνεφανίσθη ἡ κόρη μὲ τὰ ἐνδύματά της, καὶ παρὰ τὴν ἀκτὴν ἐρρίφθη εἰς τὸ ὕδωρ.

Μετ' ὀλίγον ὥραν εἰδοποιήθη ἡ ἀστυνομικὴ ἀρχὴ καὶ προσῆλθον οἱ συγγενεῖς τῆς ἀτυχοῦς κόρης, οἵτινες ἀνεγνώρισαν αὐτήν. Ὁ πατὴρ αὐτῆς ὁμολόγησεν ὅτι ἤθελε νὰ τὴν νυμφεύσῃ μὲ ἄνθρωπον μεγαλειτέρας ἡλικίας.

Ἡ Μαρία ἦτο κόρη εὐσεβὴς καὶ τιμία καὶ ἐφοβεῖτο τὴν θέλησιν τοῦ πατρός της. Ἐχθὲς ἀπεφάσισεν τὸ ἀπονενοημένον διάβημα καὶ ἐρρίφθη εἰς τὴν θάλασσαν.

Ἡ ἀστυνομία ἐξήγγειλε ἀνακρίσεις καὶ τὸ πτῶμα ἐτάφη σήμερον ἐν τῷ νεκροταφείῳ τοῦ Πειραιῶς.

Ἐν τῷ μεταξὺ μανθάνομεν ὅτι ἡ ἀτυχὴς κόρη εἶχεν ἀφήσει γραμμάτιον πρὸς τοὺς γονεῖς της, εἰς τὸ ὁποῖον ἐξηγεῖ ὅτι προτιμᾷ τὸν θάνατον ἀπὸ τὸν γάμον τὸν ὁποῖον τῆς ἐπέβαλλον.

Τὰ αἴτια τῆς αὐτοκτονίας ἦσαν ἀκριβῶς τὰ ἑξῆς, ὡς ἀνακοινοῖ ἡ ἀστυνομία.

ΤΑ ΕΓΚΑΙΝΙΑ
ΤΟΥ ΕΝΥΔΡΕΙΟΥ
Η ΧΘΕΣΙΝΗ ΕΟΡΤΗ
ΕΙΣ ΤΟΝ ΖΩΟΛΟΓΙΚΟΝ ΚΗΠΟΝ
Η ΠΑΡΟΥΣΙΑ
ΤΟΥ ΔΙΑΔΟΧΙΚΟΥ ΖΕΥΓΟΥΣ
Η ΕΥΡΡΟΗ ΤΟΥ ΚΟΣΜΟΥ

Ὁ Ζωολογικὸς Κῆπος ἦγε χθὲς ἀληθῶς ὡραίαν καὶ σεμνὴν ἑορτὴν μὲ τὴν κατάθεσιν τοῦ θεμελίου λίθου τοῦ Ἐνυδρείου Μαρασλῆ. Ὡς εἴχομεν προαναγγείλει ἡ κατάθεσις τοῦ θεμελίου λίθου τοῦ Ἐνυδρείου ἔγινεν τὴν 6ην ἀπογευματινὴν ὥραν.

Ἡ ἑταιρία τῶν Τροχοδρόμων εἶχεν τὴν τελετὴν τὰ ἐγκαίνια εἰς θέσιν εἰς κίνησιν καθ' ὅλον τὸ ἀπόγευμα εἰς τὴν πλατεῖαν καὶ ἀπὸ τὸ Σύνταγμα ἑκάστον τὴν ἐπὶ τοῦ Κήπου καὶ τὰ τράμ φορτωμένα πάντοτε ἐπιβατῶν.

Εἰς ἀπόστασιν ὀλίγων βημάτων ἀπὸ τοῦ Ἱπποδρομίου ἐτοποθετήθη τὸ πρῶτον μεγαλοπρεπὲς ἐξέδρα μεγαλοπρεπῶς ἐστολισμένη μὲ σημαίας. Ὀλίγον δὲ πρὸ τῆς ἐνάρξεως τῆς τελετῆς εἶχεν πληρωθῆ ἀπὸ κόσμον. Μερικοὶ ἐφίπποι χωροφύλακες καὶ παρὰ τὸ αὐτοῦ ἐκάθηντο οἱ τῆς προσκλήσεως ὀργάνων ἀπὸ τὸ Ἐνυδρεῖον.

Ἡ ἄφιξις τοῦ Διαδοχικοῦ Ζεύγους. — Οἱ ἐπίσημοι. — Ἡ τέλεσις τοῦ ἁγιασμοῦ

Πρῶτος δὲ ἦλθεν κατέφθασεν ἐπὶ τόπου ὁ Σεβ. Μητροπολίτης μετὰ τῶν διακόνων. Μετ' ὀλίγον δὲ ἦλθεν ἡ Α. Β. Υ. ὁ Διάδοχος μετὰ τῆς Πριγκηπίσσης Σοφίας.

Κατόπιν ἤρχισεν νὰ καταφθάνουν οἱ ἐπίσημοι. Πρῶτοι προσῆλθον οἱ εἰς τὴν τελετὴν προσκληθέντες ὑπουργοί, ὁ δήμαρχος Ἀθηναίων κ. Μερκούρης, ὁ πρόεδρος τῆς Βουλῆς κ. Ράλλης, ὁ Πρύτανις τοῦ Ἐθν. Πανεπιστημίου κ. Καζάζης, ὁ κ. Πεζμαζόγλου, ὁ διευθυντὴς τοῦ Κήπου κ. Σκούφας.

Τὴν 4ην καὶ 10' μ. μ. ἤρχισε ἡ τέλεσις τοῦ ἁγιασμοῦ ὑπὸ τοῦ Σ. Μητροπολίτου.

Ὁ λόγος τοῦ κ. Γερμανοῦ

Μετὰ τὸ τέλος τοῦ ἁγιασμοῦ ὁ πρόεδρος τοῦ Ζωολογικοῦ Κήπου κ. Γερμανὸς προσφώνησε διὰ τοῦ ὀλίγων πρὸς τὴν Α. Β. Υ. τὸν Διάδοχον διὰ τὴν παρουσίαν του καὶ τὸν ἀπελθόντα ἀείμνηστον Γρηγόριον Μαρασλῆν, τὸν μεγάλον εὐεργέτην τοῦ ἔθνους.

Ὁ κ. Γερμανὸς ἐν ἀρχῇ τοῦ λόγου του ἀνεφέρθη εἰς τὸ πῶς ἐγεννήθη ἡ ἰδέα τοῦ Ἐνυδρείου καὶ πῶς ὁ ἀείμνηστος Μαρασλῆς ἐπροθυμοποιήθη νὰ δαπανήσῃ τὸ ποσὸν διὰ τὴν ἀνέγερσίν του.

Ὁ κ. Γερμανὸς ἐξῆρε κατόπιν τὴν σημασίαν τοῦ ἱδρύματος διὰ τὴν ἐπιστημονικὴν μελέτην τῆς θαλασσίας πανίδος καὶ τὰς ὑπηρεσίας ἃς θὰ προσφέρῃ εἰς τὴν ἐπιστήμην.

Κατόπιν ἀνακοινώσας ὅτι ἡ μαρμαρίνη πλὰξ τοῦ θεμελίου λίθου ἔχει σκαλισμένον τὸ ὄνομα τοῦ εὐεργέτου, παρεκάλεσε τὴν Α. Β. Υ. νὰ θέσῃ τὸν θεμέλιον λίθον.

Ἡ κατάθεσις τοῦ θεμελίου λίθου. — Ὁ Διάδοχος χρίων αὐτὸν μὲ τὸ σφυρίον.

Μετὰ τὸ τέλος τοῦ λόγου τοῦ κ. Γερμανοῦ, κατελθόντες ἀπὸ τῆς ἐξέδρας μετέβησαν ὅλοι πρὸς τὸ μέρος ὅπου εἶχεν ἑτοιμασθῆ ὁ θεμέλιος λίθος. Ἐκεῖ ὁ Διάδοχος ἔλαβε τὸ ἀργυροῦν σφυρίον καὶ ἐκτύπησε τρὶς τὸν λίθον.

Μετὰ τὴν ἀνάγνωσιν τῆς εὐχῆς εἰς τὴν ἔκτασιν ὁ Διάδοχος μετὰ τῆς Πριγκηπίσσης ἐπεσκέφθη τὸ τοπίον ὅπου θὰ ἀνεγερθῇ τὸ Ἐνυδρεῖον.

— Ὀρθὴ ἐπιστ. ; Δὲν εἶνε καλὰ ; λέγει ἡ
